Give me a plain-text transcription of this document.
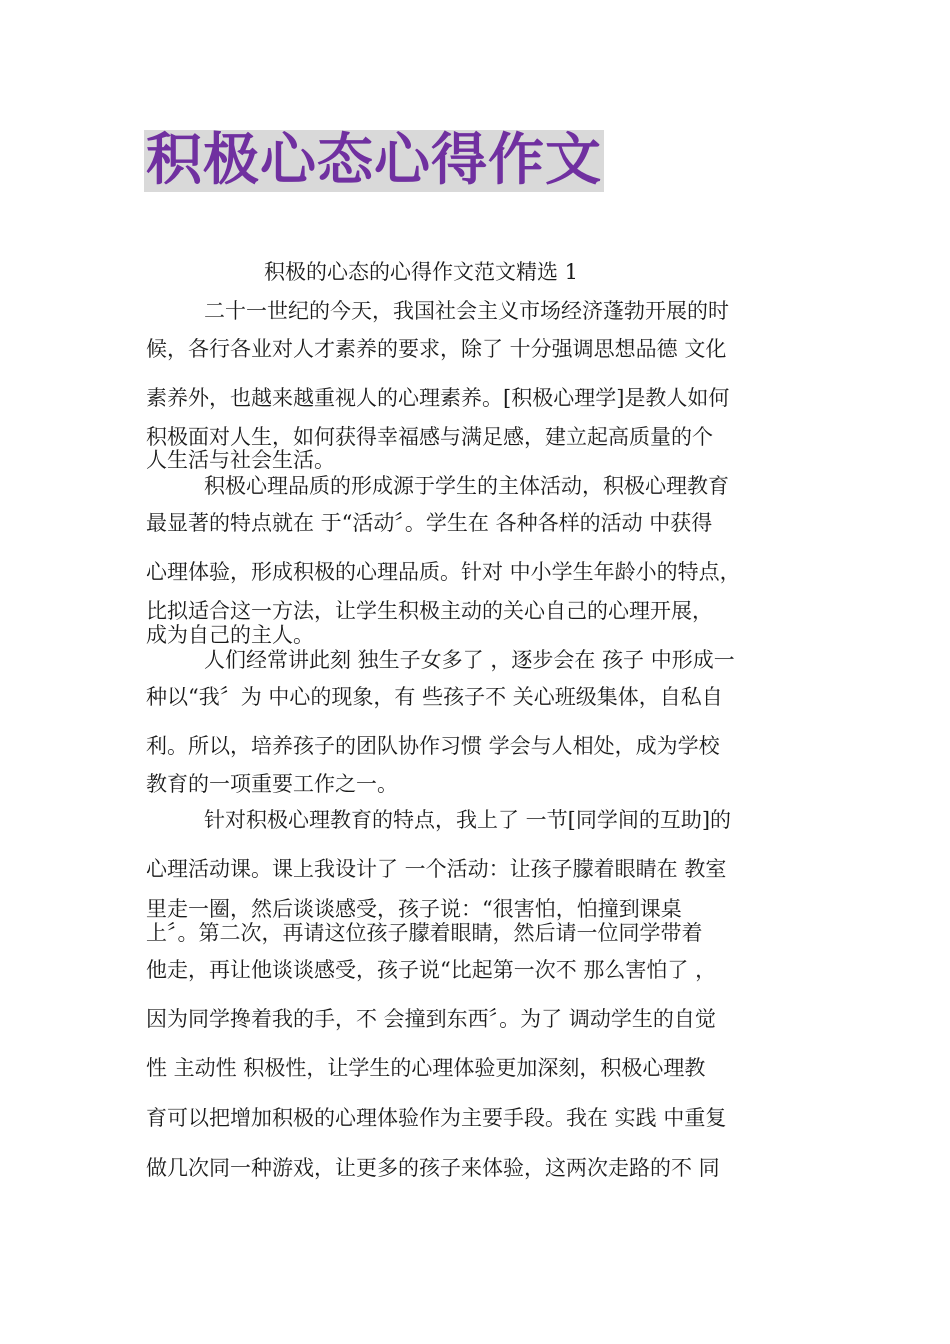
积极心态心得作文
积极的心态的心得作文范文精选 1
二十一世纪的今天，我国社会主义市场经济蓬勃开展的时
候，各行各业对人才素养的要求，除了 十分强调思想品德 文化
素养外，也越来越重视人的心理素养。[积极心理学]是教人如何
积极面对人生，如何获得幸福感与满足感，建立起高质量的个
人生活与社会生活。
积极心理品质的形成源于学生的主体活动，积极心理教育
最显著的特点就在 于“活动〞。学生在 各种各样的活动 中获得
心理体验，形成积极的心理品质。针对 中小学生年龄小的特点，
比拟适合这一方法，让学生积极主动的关心自己的心理开展，
成为自己的主人。
人们经常讲此刻 独生子女多了 ，逐步会在 孩子 中形成一
种以“我〞为 中心的现象，有 些孩子不 关心班级集体，自私自
利。所以，培养孩子的团队协作习惯 学会与人相处，成为学校
教育的一项重要工作之一。
针对积极心理教育的特点，我上了 一节[同学间的互助]的
心理活动课。课上我设计了 一个活动：让孩子朦着眼睛在 教室
里走一圈，然后谈谈感受，孩子说：“很害怕，怕撞到课桌
上〞。第二次，再请这位孩子朦着眼睛，然后请一位同学带着
他走，再让他谈谈感受，孩子说“比起第一次不 那么害怕了 ，
因为同学搀着我的手，不 会撞到东西〞。为了 调动学生的自觉
性 主动性 积极性，让学生的心理体验更加深刻，积极心理教
育可以把增加积极的心理体验作为主要手段。我在 实践 中重复
做几次同一种游戏，让更多的孩子来体验，这两次走路的不 同
